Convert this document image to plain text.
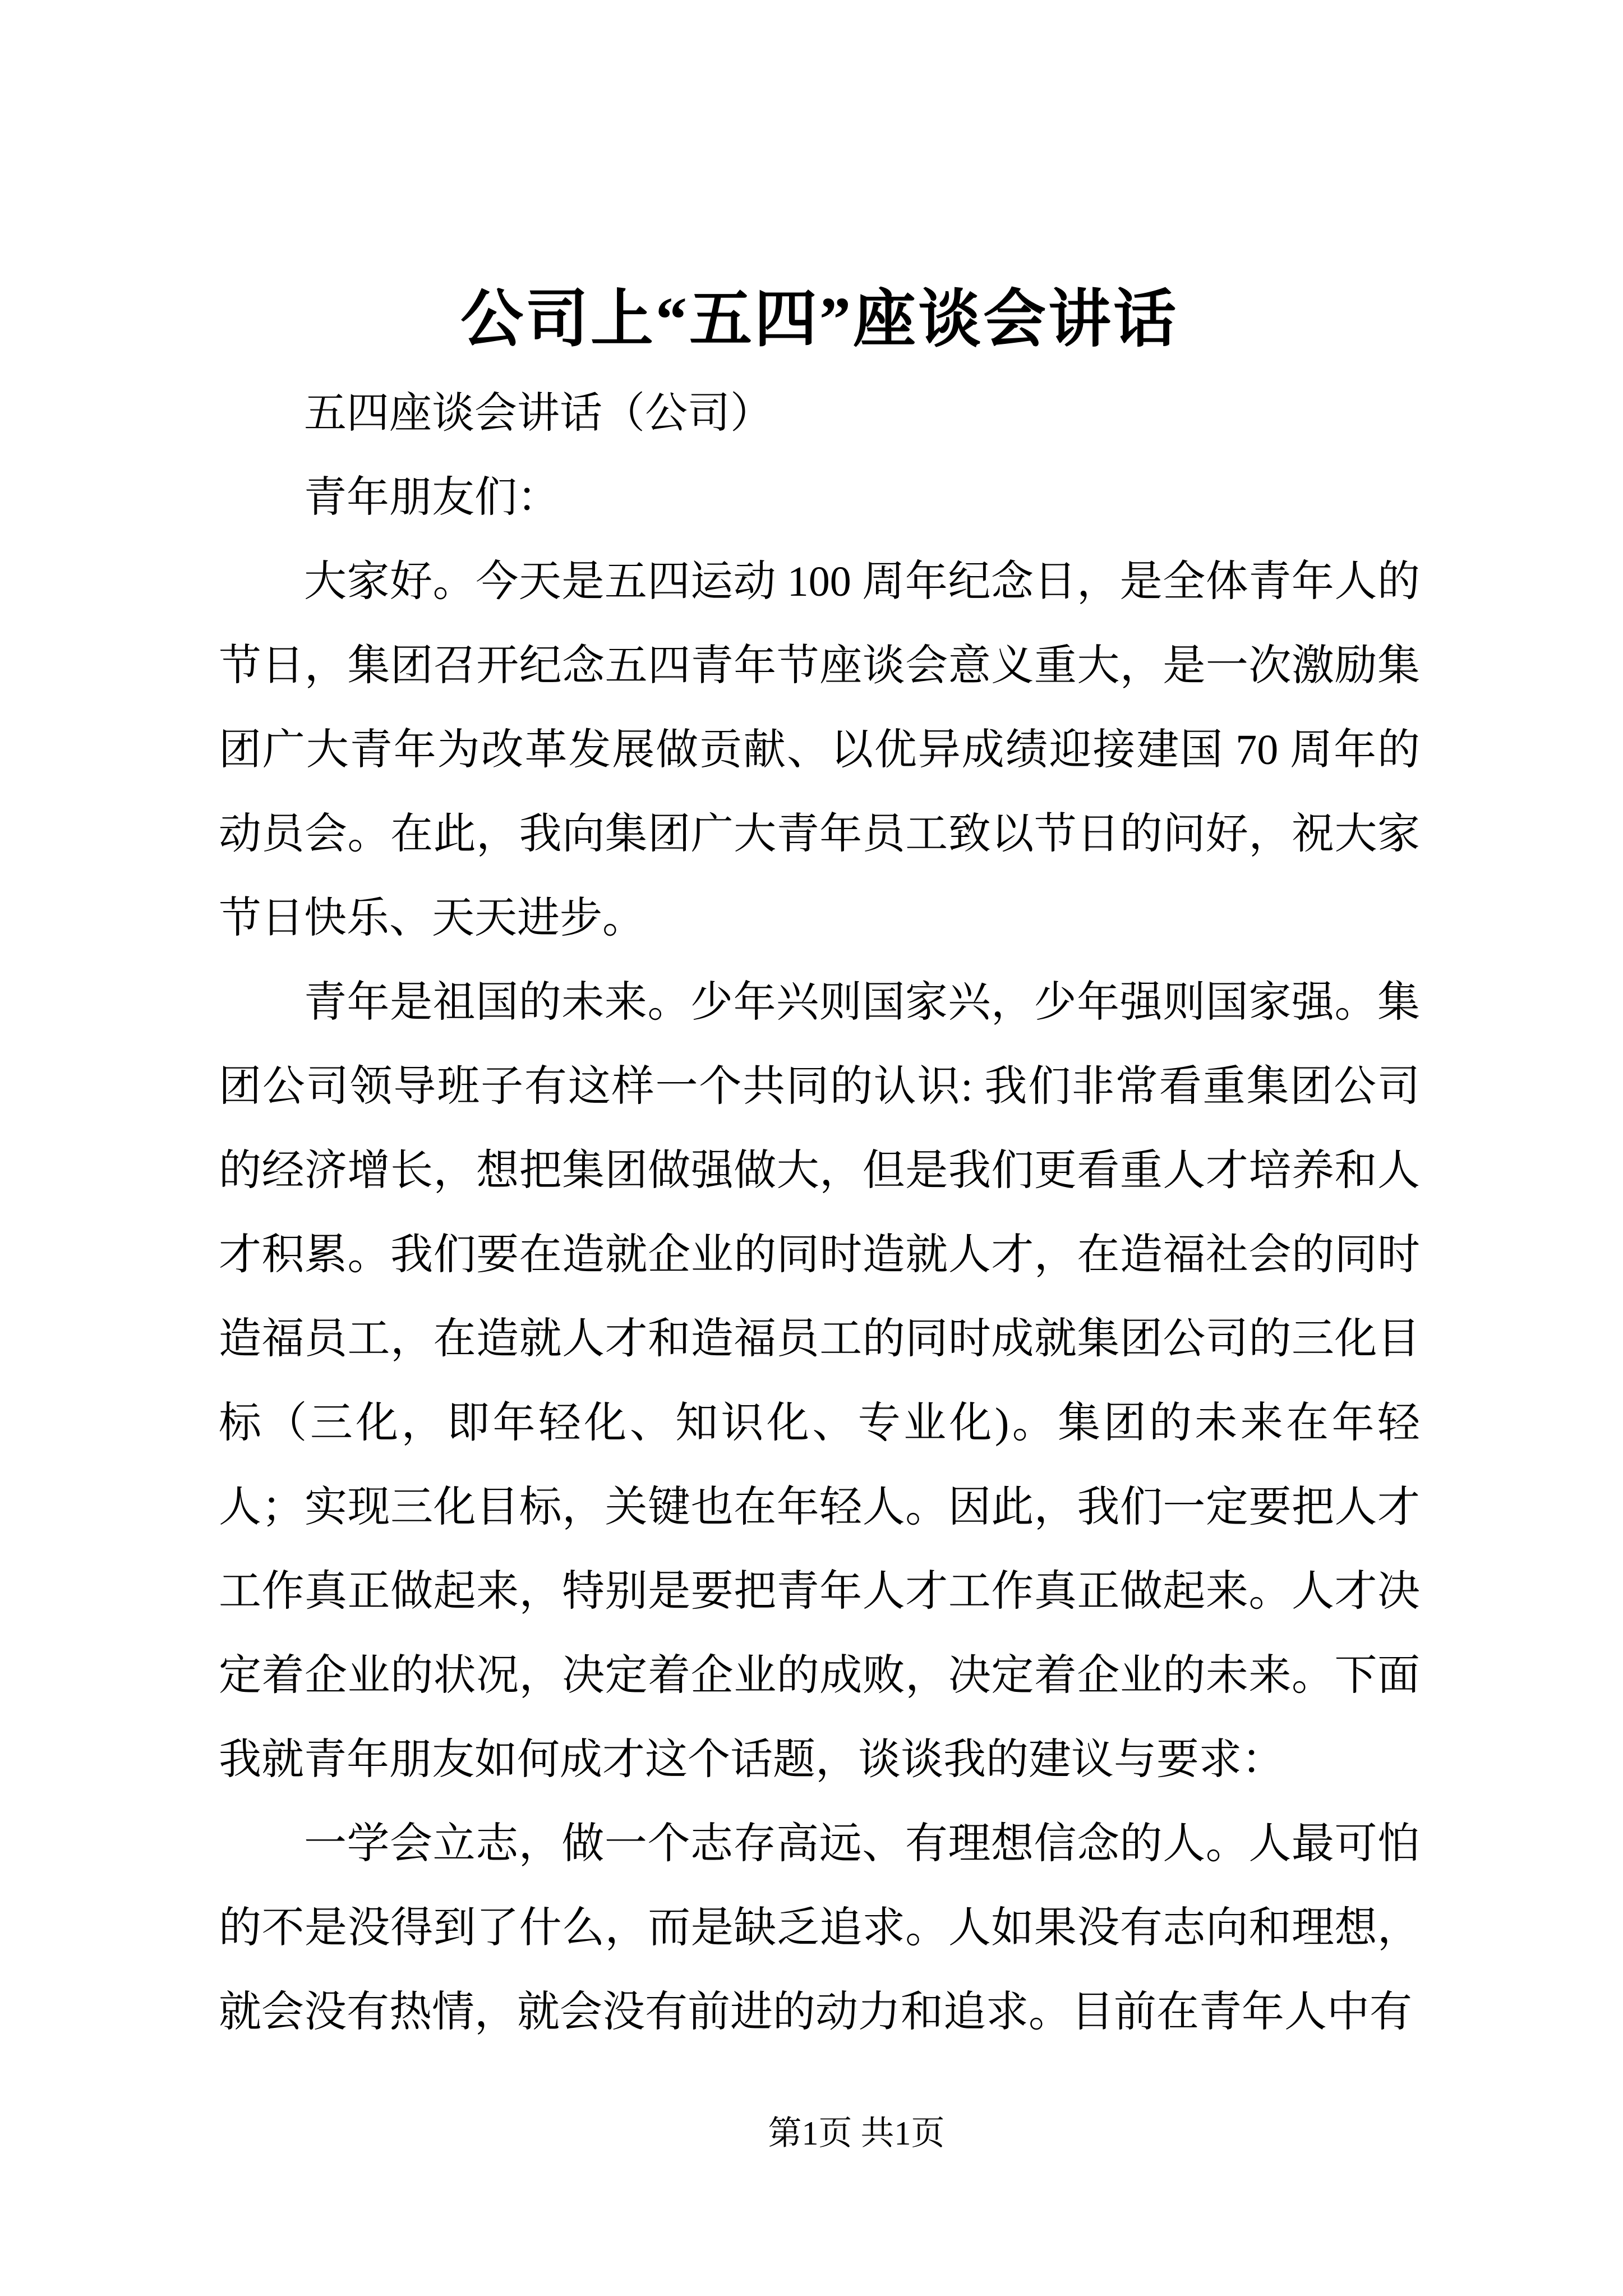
公司上“五四”座谈会讲话

五四座谈会讲话（公司）

青年朋友们：

大家好。今天是五四运动 100 周年纪念日，是全体青年人的节日，集团召开纪念五四青年节座谈会意义重大，是一次激励集团广大青年为改革发展做贡献、以优异成绩迎接建国 70 周年的动员会。在此，我向集团广大青年员工致以节日的问好，祝大家节日快乐、天天进步。

青年是祖国的未来。少年兴则国家兴，少年强则国家强。集团公司领导班子有这样一个共同的认识: 我们非常看重集团公司的经济增长，想把集团做强做大，但是我们更看重人才培养和人才积累。我们要在造就企业的同时造就人才，在造福社会的同时造福员工，在造就人才和造福员工的同时成就集团公司的三化目标（三化，即年轻化、知识化、专业化)。集团的未来在年轻人；实现三化目标，关键也在年轻人。因此，我们一定要把人才工作真正做起来，特别是要把青年人才工作真正做起来。人才决定着企业的状况，决定着企业的成败，决定着企业的未来。下面我就青年朋友如何成才这个话题，谈谈我的建议与要求：

一学会立志，做一个志存高远、有理想信念的人。人最可怕的不是没得到了什么，而是缺乏追求。人如果没有志向和理想，就会没有热情，就会没有前进的动力和追求。目前在青年人中有

第1页 共1页
